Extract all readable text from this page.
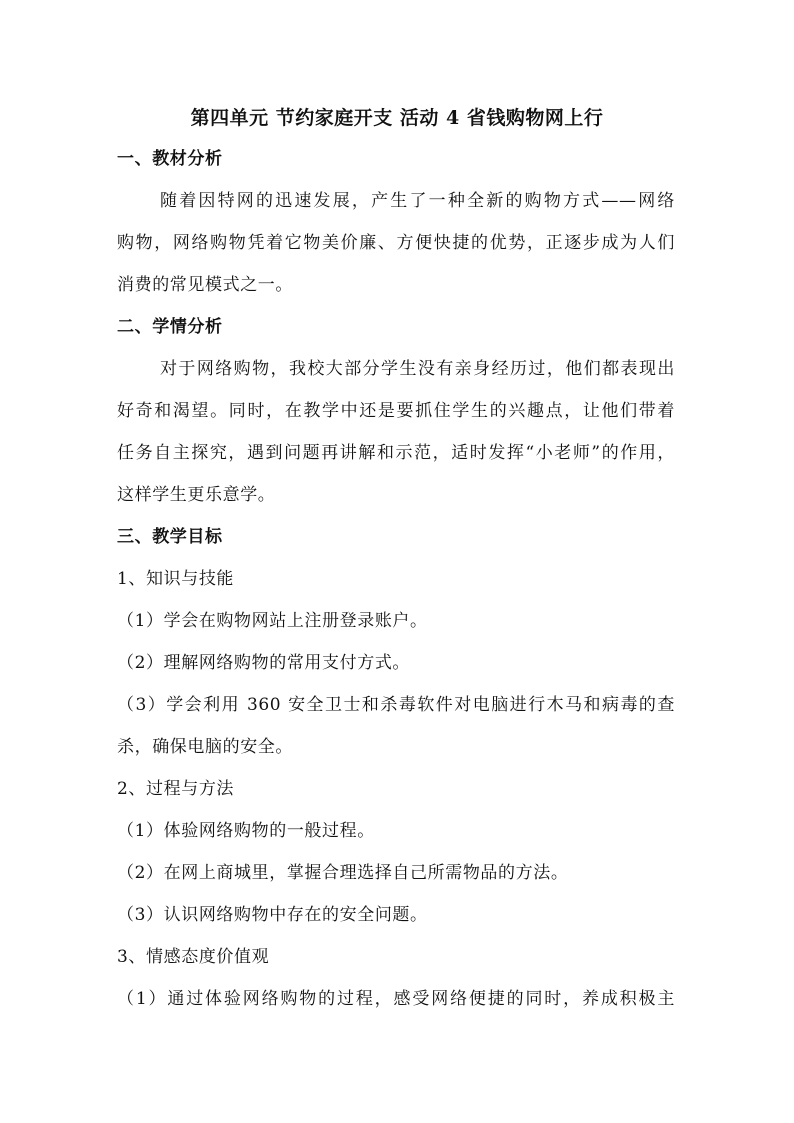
第四单元 节约家庭开支 活动 4 省钱购物网上行
一、教材分析
随着因特网的迅速发展，产生了一种全新的购物方式——网络
购物，网络购物凭着它物美价廉、方便快捷的优势，正逐步成为人们
消费的常见模式之一。
二、学情分析
对于网络购物，我校大部分学生没有亲身经历过，他们都表现出
好奇和渴望。同时，在教学中还是要抓住学生的兴趣点，让他们带着
任务自主探究，遇到问题再讲解和示范，适时发挥“小老师”的作用，
这样学生更乐意学。
三、教学目标
1、知识与技能
（1）学会在购物网站上注册登录账户。
（2）理解网络购物的常用支付方式。
（3）学会利用 360 安全卫士和杀毒软件对电脑进行木马和病毒的查
杀，确保电脑的安全。
2、过程与方法
（1）体验网络购物的一般过程。
（2）在网上商城里，掌握合理选择自己所需物品的方法。
（3）认识网络购物中存在的安全问题。
3、情感态度价值观
（1）通过体验网络购物的过程，感受网络便捷的同时，养成积极主
